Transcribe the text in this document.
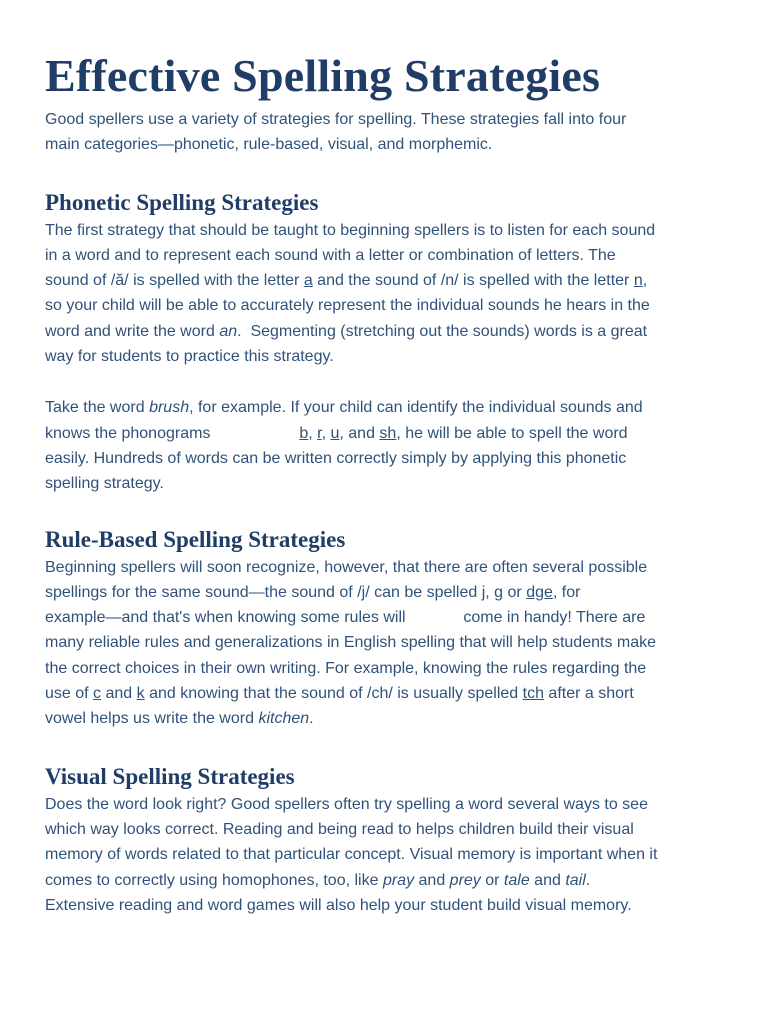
Effective Spelling Strategies

Good spellers use a variety of strategies for spelling. These strategies fall into four
main categories—phonetic, rule-based, visual, and morphemic.

Phonetic Spelling Strategies

The first strategy that should be taught to beginning spellers is to listen for each sound
in a word and to represent each sound with a letter or combination of letters. The
sound of /ă/ is spelled with the letter a and the sound of /n/ is spelled with the letter n,
so your child will be able to accurately represent the individual sounds he hears in the
word and write the word an.  Segmenting (stretching out the sounds) words is a great
way for students to practice this strategy.

Take the word brush, for example. If your child can identify the individual sounds and
knows the phonograms                    b, r, u, and sh, he will be able to spell the word
easily. Hundreds of words can be written correctly simply by applying this phonetic
spelling strategy.

Rule-Based Spelling Strategies

Beginning spellers will soon recognize, however, that there are often several possible
spellings for the same sound—the sound of /j/ can be spelled j, g or dge, for
example—and that's when knowing some rules will             come in handy! There are
many reliable rules and generalizations in English spelling that will help students make
the correct choices in their own writing. For example, knowing the rules regarding the
use of c and k and knowing that the sound of /ch/ is usually spelled tch after a short
vowel helps us write the word kitchen.

Visual Spelling Strategies

Does the word look right? Good spellers often try spelling a word several ways to see
which way looks correct. Reading and being read to helps children build their visual
memory of words related to that particular concept. Visual memory is important when it
comes to correctly using homophones, too, like pray and prey or tale and tail.
Extensive reading and word games will also help your student build visual memory.
